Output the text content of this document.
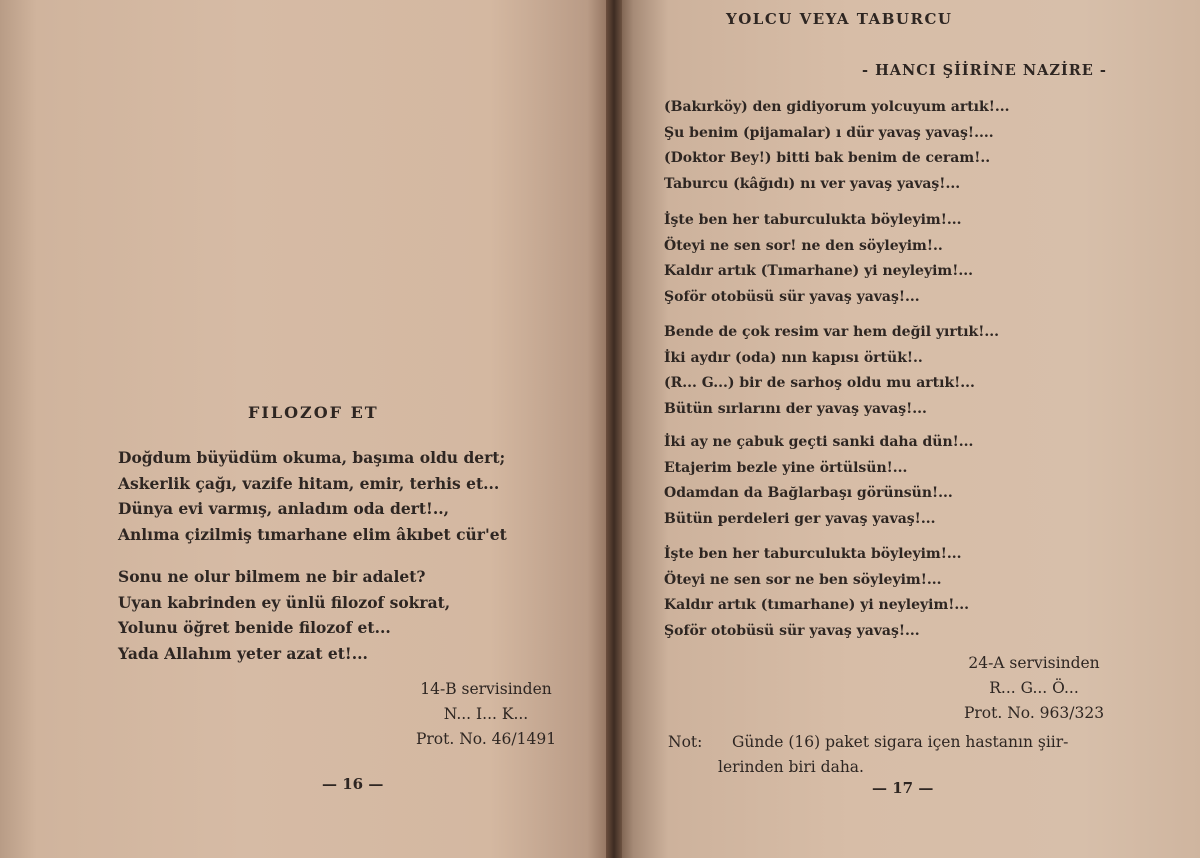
FILOZOF ET
Doğdum büyüdüm okuma, başıma oldu dert;
Askerlik çağı, vazife hitam, emir, terhis et...
Dünya evi varmış, anladım oda dert!..,
Anlıma çizilmiş tımarhane elim âkıbet cür'et
Sonu ne olur bilmem ne bir adalet?
Uyan kabrinden ey ünlü filozof sokrat,
Yolunu öğret benide filozof et...
Yada Allahım yeter azat et!...
14-B servisinden
N... I... K...
Prot. No. 46/1491
— 16 —
YOLCU VEYA TABURCU
- HANCI ŞİİRİNE NAZİRE -
(Bakırköy) den gidiyorum yolcuyum artık!...
Şu benim (pijamalar) ı dür yavaş yavaş!....
(Doktor Bey!) bitti bak benim de ceram!..
Taburcu (kâğıdı) nı ver yavaş yavaş!...
İşte ben her taburculukta böyleyim!...
Öteyi ne sen sor! ne den söyleyim!..
Kaldır artık (Tımarhane) yi neyleyim!...
Şoför otobüsü sür yavaş yavaş!...
Bende de çok resim var hem değil yırtık!...
İki aydır (oda) nın kapısı örtük!..
(R... G...) bir de sarhoş oldu mu artık!...
Bütün sırlarını der yavaş yavaş!...
İki ay ne çabuk geçti sanki daha dün!...
Etajerim bezle yine örtülsün!...
Odamdan da Bağlarbaşı görünsün!...
Bütün perdeleri ger yavaş yavaş!...
İşte ben her taburculukta böyleyim!...
Öteyi ne sen sor ne ben söyleyim!...
Kaldır artık (tımarhane) yi neyleyim!...
Şoför otobüsü sür yavaş yavaş!...
24-A servisinden
R... G... Ö...
Prot. No. 963/323
Not: Günde (16) paket sigara içen hastanın şiir-
lerinden biri daha.
— 17 —
